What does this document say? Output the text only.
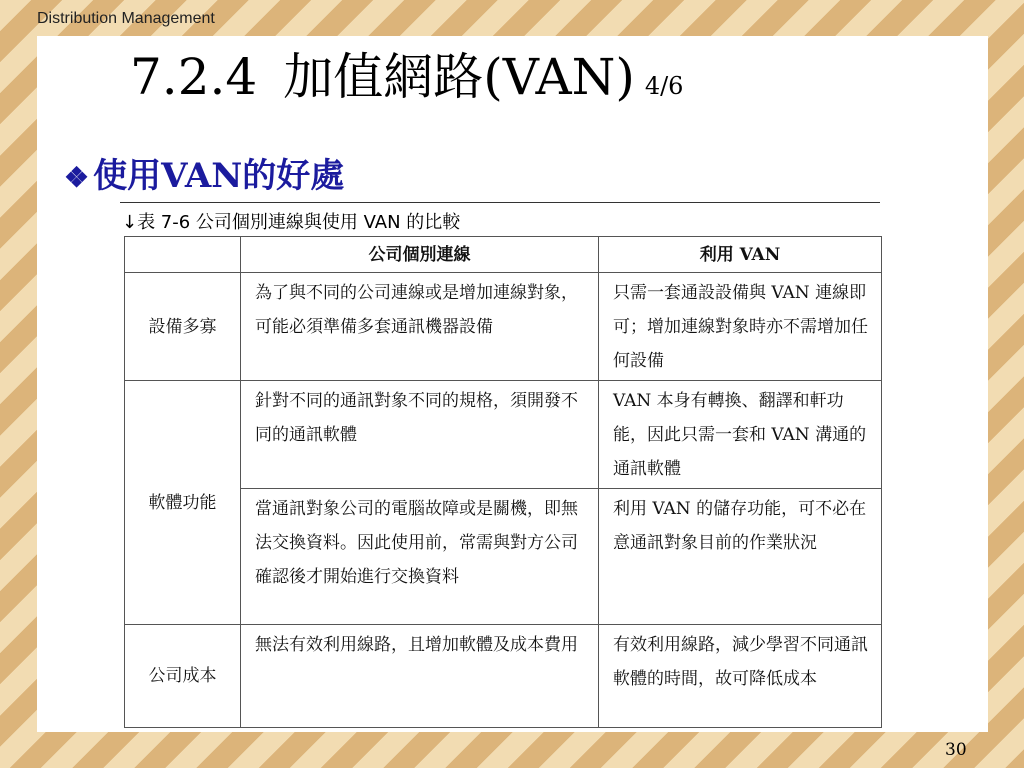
Distribution Management
7.2.4 加值網路(VAN) 4/6
❖ 使用VAN的好處
↓表 7-6 公司個別連線與使用 VAN 的比較
	公司個別連線	利用 VAN
設備多寡	為了與不同的公司連線或是增加連線對象，可能必須準備多套通訊機器設備	只需一套通設設備與 VAN 連線即可；增加連線對象時亦不需增加任何設備
軟體功能	針對不同的通訊對象不同的規格，須開發不同的通訊軟體	VAN 本身有轉換、翻譯和軒功能，因此只需一套和 VAN 溝通的通訊軟體
	當通訊對象公司的電腦故障或是關機，即無法交換資料。因此使用前，常需與對方公司確認後才開始進行交換資料	利用 VAN 的儲存功能，可不必在意通訊對象目前的作業狀況
公司成本	無法有效利用線路，且增加軟體及成本費用	有效利用線路，減少學習不同通訊軟體的時間，故可降低成本
30
